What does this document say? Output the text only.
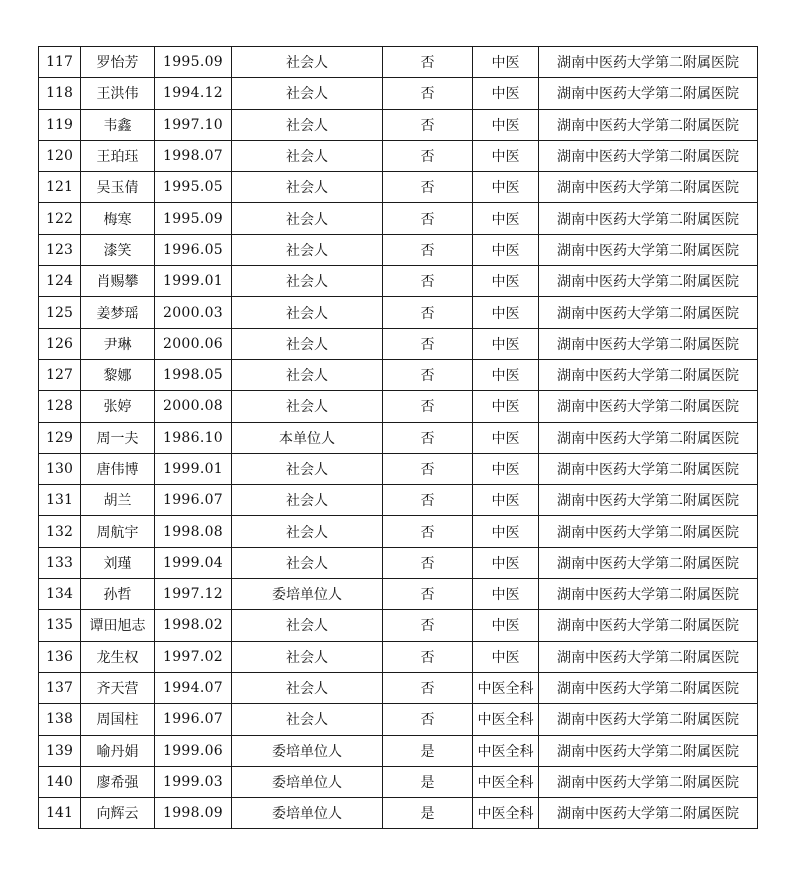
117	罗怡芳	1995.09	社会人	否	中医	湖南中医药大学第二附属医院
118	王洪伟	1994.12	社会人	否	中医	湖南中医药大学第二附属医院
119	韦鑫	1997.10	社会人	否	中医	湖南中医药大学第二附属医院
120	王珀珏	1998.07	社会人	否	中医	湖南中医药大学第二附属医院
121	吴玉倩	1995.05	社会人	否	中医	湖南中医药大学第二附属医院
122	梅寒	1995.09	社会人	否	中医	湖南中医药大学第二附属医院
123	漆笑	1996.05	社会人	否	中医	湖南中医药大学第二附属医院
124	肖赐攀	1999.01	社会人	否	中医	湖南中医药大学第二附属医院
125	姜梦瑶	2000.03	社会人	否	中医	湖南中医药大学第二附属医院
126	尹琳	2000.06	社会人	否	中医	湖南中医药大学第二附属医院
127	黎娜	1998.05	社会人	否	中医	湖南中医药大学第二附属医院
128	张婷	2000.08	社会人	否	中医	湖南中医药大学第二附属医院
129	周一夫	1986.10	本单位人	否	中医	湖南中医药大学第二附属医院
130	唐伟博	1999.01	社会人	否	中医	湖南中医药大学第二附属医院
131	胡兰	1996.07	社会人	否	中医	湖南中医药大学第二附属医院
132	周航宇	1998.08	社会人	否	中医	湖南中医药大学第二附属医院
133	刘瑾	1999.04	社会人	否	中医	湖南中医药大学第二附属医院
134	孙哲	1997.12	委培单位人	否	中医	湖南中医药大学第二附属医院
135	谭田旭志	1998.02	社会人	否	中医	湖南中医药大学第二附属医院
136	龙生权	1997.02	社会人	否	中医	湖南中医药大学第二附属医院
137	齐天营	1994.07	社会人	否	中医全科	湖南中医药大学第二附属医院
138	周国柱	1996.07	社会人	否	中医全科	湖南中医药大学第二附属医院
139	喻丹娟	1999.06	委培单位人	是	中医全科	湖南中医药大学第二附属医院
140	廖希强	1999.03	委培单位人	是	中医全科	湖南中医药大学第二附属医院
141	向辉云	1998.09	委培单位人	是	中医全科	湖南中医药大学第二附属医院
